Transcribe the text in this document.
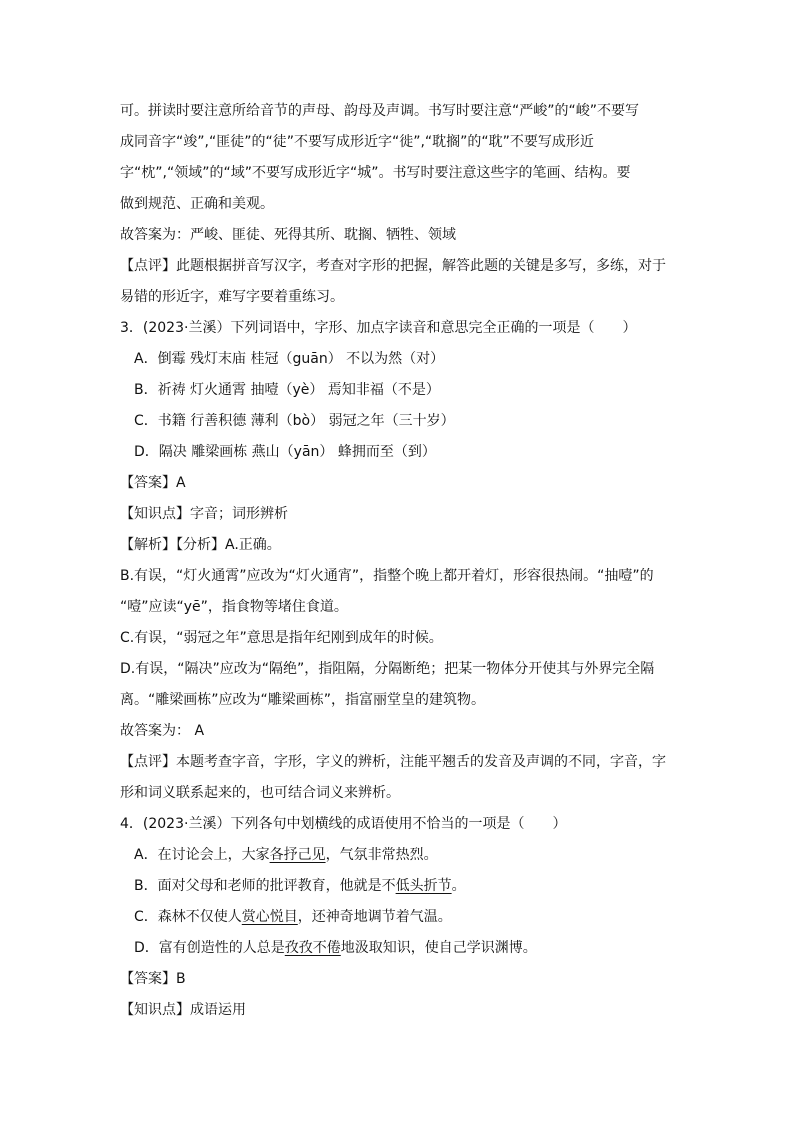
可。拼读时要注意所给音节的声母、韵母及声调。书写时要注意“严峻”的“峻”不要写
成同音字“竣”,“匪徒”的“徒”不要写成形近字“徙”,“耽搁”的“耽”不要写成形近
字“枕”,“领域”的“域”不要写成形近字“城”。书写时要注意这些字的笔画、结构。要
做到规范、正确和美观。
故答案为：严峻、匪徒、死得其所、耽搁、牺牲、领域
【点评】此题根据拼音写汉字，考查对字形的把握，解答此题的关键是多写，多练，对于
易错的形近字，难写字要着重练习。
3．(2023·兰溪）下列词语中，字形、加点字读音和意思完全正确的一项是（　　）
A．倒霉 残灯末庙 桂冠（guān） 不以为然（对）
B．祈祷 灯火通霄 抽噎（yè） 焉知非福（不是）
C．书籍 行善积德 薄利（bò） 弱冠之年（三十岁）
D．隔决 雕梁画栋 燕山（yān） 蜂拥而至（到）
【答案】A
【知识点】字音；词形辨析
【解析】【分析】A.正确。
B.有误，“灯火通霄”应改为“灯火通宵”，指整个晚上都开着灯，形容很热闹。“抽噎”的
“噎”应读“yē”，指食物等堵住食道。
C.有误，“弱冠之年”意思是指年纪刚到成年的时候。
D.有误，“隔决”应改为“隔绝”，指阻隔，分隔断绝；把某一物体分开使其与外界完全隔
离。“雕梁画栋”应改为“雕梁画栋”，指富丽堂皇的建筑物。
故答案为： A
【点评】本题考查字音，字形，字义的辨析，注能平翘舌的发音及声调的不同，字音，字
形和词义联系起来的，也可结合词义来辨析。
4．(2023·兰溪）下列各句中划横线的成语使用不恰当的一项是（　　）
A．在讨论会上，大家各抒己见，气氛非常热烈。
B．面对父母和老师的批评教育，他就是不低头折节。
C．森林不仅使人赏心悦目，还神奇地调节着气温。
D．富有创造性的人总是孜孜不倦地汲取知识，使自己学识渊博。
【答案】B
【知识点】成语运用
